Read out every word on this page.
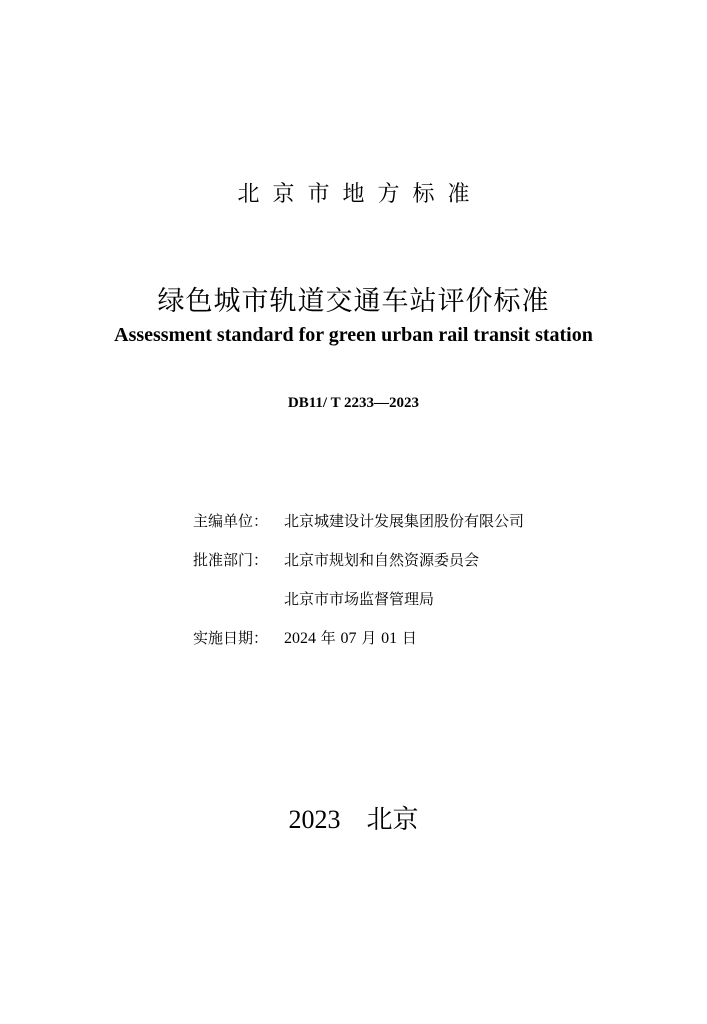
北京市地方标准
绿色城市轨道交通车站评价标准
Assessment standard for green urban rail transit station
DB11/ T 2233—2023
主编单位： 北京城建设计发展集团股份有限公司
批准部门： 北京市规划和自然资源委员会
北京市市场监督管理局
实施日期： 2024 年 07 月 01 日
2023 北京
